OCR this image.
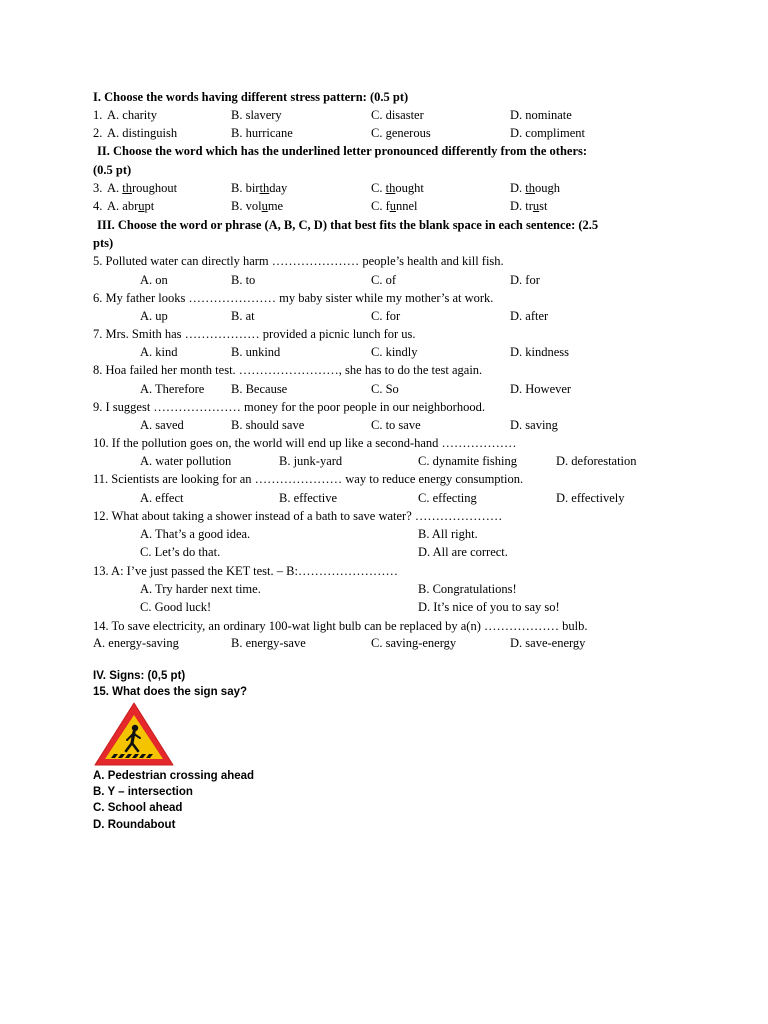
I. Choose the words having different stress pattern: (0.5 pt)
1. A. charity	B. slavery	C. disaster	D. nominate
2. A. distinguish	B. hurricane	C. generous	D. compliment
II. Choose the word which has the underlined letter pronounced differently from the others:
(0.5 pt)
3. A. throughout	B. birthday	C. thought	D. though
4. A. abrupt	B. volume	C. funnel	D. trust
III. Choose the word or phrase (A, B, C, D) that best fits the blank space in each sentence: (2.5
pts)
5. Polluted water can directly harm ………………… people’s health and kill fish.
A. on	B. to	C. of	D. for
6. My father looks ………………… my baby sister while my mother’s at work.
A. up	B. at	C. for	D. after
7. Mrs. Smith has ……………… provided a picnic lunch for us.
A. kind	B. unkind	C. kindly	D. kindness
8. Hoa failed her month test. ……………………, she has to do the test again.
A. Therefore B. Because	C. So	D. However
9. I suggest ………………… money for the poor people in our neighborhood.
A. saved	B. should save	C. to save	D. saving
10. If the pollution goes on, the world will end up like a second-hand ………………
A. water pollution	B. junk-yard	C. dynamite fishing	D. deforestation
11. Scientists are looking for an ………………… way to reduce energy consumption.
A. effect	B. effective	C. effecting	D. effectively
12. What about taking a shower instead of a bath to save water? …………………
A. That’s a good idea.	B. All right.
C. Let’s do that.	D. All are correct.
13. A: I’ve just passed the KET test. – B:……………………
A. Try harder next time.	B. Congratulations!
C. Good luck!	D. It’s nice of you to say so!
14. To save electricity, an ordinary 100-wat light bulb can be replaced by a(n) ……………… bulb.
A. energy-saving	B. energy-save	C. saving-energy	D. save-energy
IV. Signs: (0,5 pt)
15. What does the sign say?
A. Pedestrian crossing ahead
B. Y – intersection
C. School ahead
D. Roundabout
